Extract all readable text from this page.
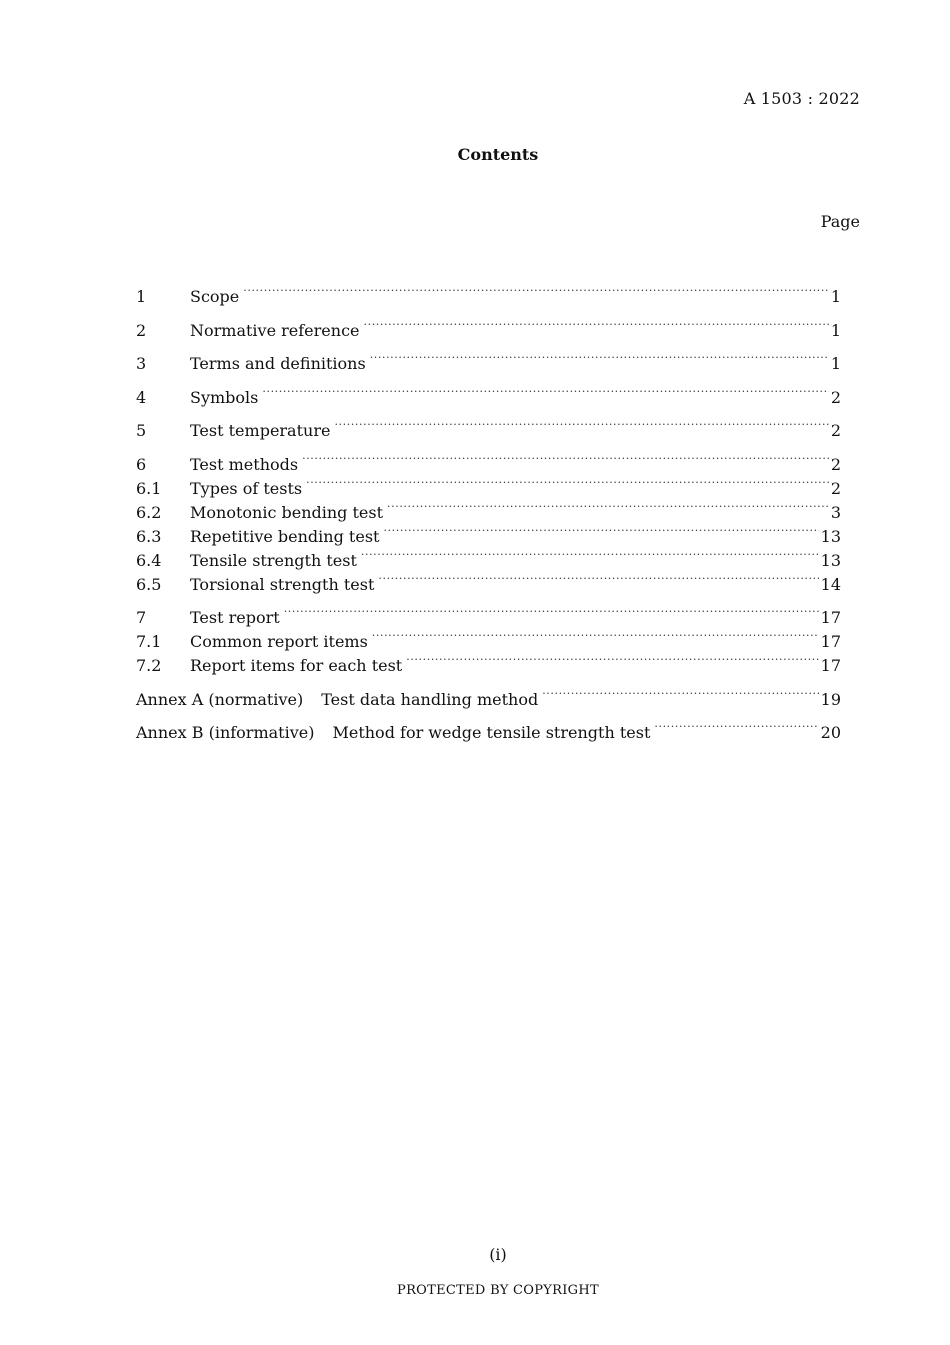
A 1503 : 2022
Contents
Page
1	Scope ·····	1
2	Normative reference ·····	1
3	Terms and definitions ·····	1
4	Symbols ·····	2
5	Test temperature ·····	2
6	Test methods ·····	2
6.1	Types of tests ·····	2
6.2	Monotonic bending test ·····	3
6.3	Repetitive bending test ·····	13
6.4	Tensile strength test ·····	13
6.5	Torsional strength test ·····	14
7	Test report ·····	17
7.1	Common report items ·····	17
7.2	Report items for each test ·····	17
Annex A (normative) Test data handling method ·····	19
Annex B (informative) Method for wedge tensile strength test ·····	20
(i)
PROTECTED BY COPYRIGHT
